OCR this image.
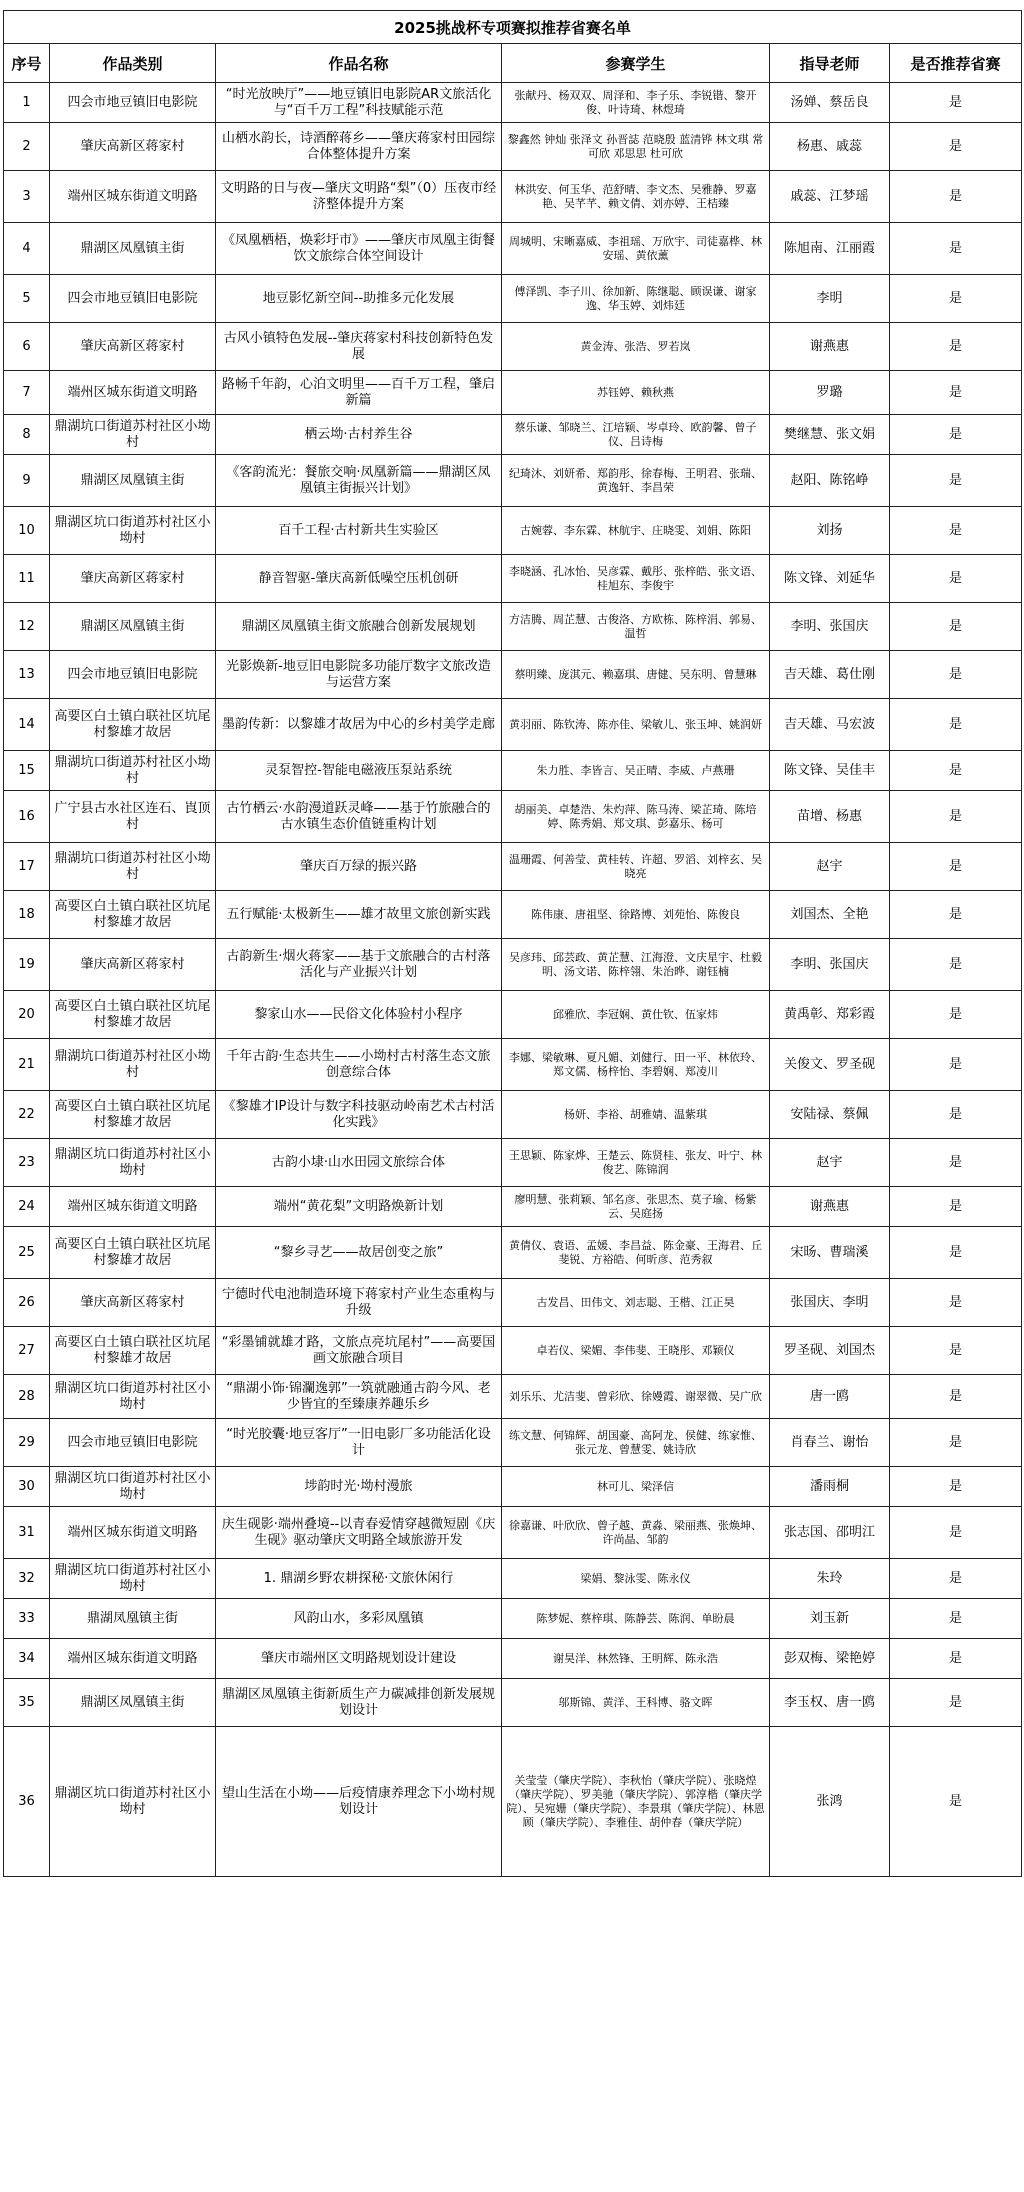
2025挑战杯专项赛拟推荐省赛名单					
序号	作品类别	作品名称	参赛学生	指导老师	是否推荐省赛
1	四会市地豆镇旧电影院	“时光放映厅”——地豆镇旧电影院AR文旅活化与“百千万工程”科技赋能示范	张献丹、杨双双、周泽和、李子乐、李锐锴、黎开俊、叶诗琦、林煜琦	汤婵、蔡岳良	是
2	肇庆高新区蒋家村	山栖水韵长，诗酒醉蒋乡——肇庆蒋家村田园综合体整体提升方案	黎鑫然 钟灿 张泽文 孙晋誌 范晓殷 蓝清铧 林文琪 常可欣 邓思思 杜可欣	杨惠、戚蕊	是
3	端州区城东街道文明路	文明路的日与夜—肇庆文明路“梨”（0）压夜市经济整体提升方案	林洪安、何玉华、范舒晴、李文杰、吴雅静、罗嘉艳、吴芊芊、赖文倩、刘亦婷、王桔臻	戚蕊、江梦瑶	是
4	鼎湖区凤凰镇主街	《凤凰栖梧，焕彩圩市》——肇庆市凤凰主街餐饮文旅综合体空间设计	周城明、宋晰嘉威、李祖瑶、万欣宇、司徒嘉桦、林安瑶、黄依薰	陈旭南、江丽霞	是
5	四会市地豆镇旧电影院	地豆影忆新空间--助推多元化发展	傅泽凯、李子川、徐加新、陈继聪、顾误谦、谢家逸、华玉婷、刘炜廷	李明	是
6	肇庆高新区蒋家村	古风小镇特色发展--肇庆蒋家村科技创新特色发展	黄金涛、张浩、罗若岚	谢燕惠	是
7	端州区城东街道文明路	路畅千年韵，心泊文明里——百千万工程，肇启新篇	苏钰婷、赖秋燕	罗璐	是
8	鼎湖坑口街道苏村社区小坳村	栖云坳·古村养生谷	蔡乐谦、邹晓兰、江培颖、岑卓玲、欧韵馨、曾子仪、吕诗梅	樊继慧、张文娟	是
9	鼎湖区凤凰镇主街	《客韵流光：餐旅交响·凤凰新篇——鼎湖区凤凰镇主街振兴计划》	纪琦沐、刘妍希、郑韵彤、徐春梅、王明君、张瑞、黄逸轩、李昌荣	赵阳、陈铭峥	是
10	鼎湖区坑口街道苏村社区小坳村	百千工程·古村新共生实验区	古婉蓉、李东霖、林航宇、庄晓雯、刘娟、陈阳	刘扬	是
11	肇庆高新区蒋家村	静音智驱-肇庆高新低噪空压机创研	李晓涵、孔冰怡、吴彦霖、戴彤、张梓皓、张文语、桂旭东、李俊宇	陈文锋、刘延华	是
12	鼎湖区凤凰镇主街	鼎湖区凤凰镇主街文旅融合创新发展规划	方洁腾、周芷慧、古俊洛、方欧栋、陈梓涓、郭易、温哲	李明、张国庆	是
13	四会市地豆镇旧电影院	光影焕新-地豆旧电影院多功能厅数字文旅改造与运营方案	蔡明臻、庞淇元、赖嘉琪、唐健、吴东明、曾慧琳	吉天雄、葛仕刚	是
14	高要区白土镇白联社区坑尾村黎雄才故居	墨韵传新：以黎雄才故居为中心的乡村美学走廊	黄羽丽、陈钦涛、陈亦佳、梁敏儿、张玉坤、姚润妍	吉天雄、马宏波	是
15	鼎湖坑口街道苏村社区小坳村	灵泵智控-智能电磁液压泵站系统	朱力胜、李皆言、吴正晴、李威、卢燕珊	陈文锋、吴佳丰	是
16	广宁县古水社区连石、崀顶村	古竹栖云·水韵漫道跃灵峰——基于竹旅融合的古水镇生态价值链重构计划	胡丽美、卓楚浩、朱灼萍、陈马涛、梁芷琦、陈培婷、陈秀娟、郑文琪、彭嘉乐、杨可	苗增、杨惠	是
17	鼎湖坑口街道苏村社区小坳村	肇庆百万绿的振兴路	温珊霞、何善莹、黄桂转、许超、罗滔、刘梓玄、吴晓亮	赵宇	是
18	高要区白土镇白联社区坑尾村黎雄才故居	五行赋能·太极新生——雄才故里文旅创新实践	陈伟康、唐祖坚、徐路博、刘苑怡、陈俊良	刘国杰、全艳	是
19	肇庆高新区蒋家村	古韵新生·烟火蒋家——基于文旅融合的古村落活化与产业振兴计划	吴彦玮、邱芸政、黄芷慧、江海澄、文庆星宇、杜毅明、汤文诺、陈梓翎、朱治晔、谢钰楠	李明、张国庆	是
20	高要区白土镇白联社区坑尾村黎雄才故居	黎家山水——民俗文化体验村小程序	邱雅欣、李冠娴、黄仕钦、伍家炜	黄禹彰、郑彩霞	是
21	鼎湖坑口街道苏村社区小坳村	千年古韵·生态共生——小坳村古村落生态文旅创意综合体	李娜、梁敏琳、夏凡媚、刘健行、田一平、林依玲、郑文儒、杨梓怡、李碧娴、郑凌川	关俊文、罗圣砚	是
22	高要区白土镇白联社区坑尾村黎雄才故居	《黎雄才IP设计与数字科技驱动岭南艺术古村活化实践》	杨妍、李裕、胡雅婧、温紫琪	安陆禄、蔡佩	是
23	鼎湖区坑口街道苏村社区小坳村	古韵小埭·山水田园文旅综合体	王思颖、陈家烨、王楚云、陈贤桂、张友、叶宁、林俊艺、陈锦润	赵宇	是
24	端州区城东街道文明路	端州“黄花梨”文明路焕新计划	廖明慧、张莉颖、邹名彦、张思杰、莫子瑜、杨紫云、吴庭扬	谢燕惠	是
25	高要区白土镇白联社区坑尾村黎雄才故居	“黎乡寻艺——故居创变之旅”	黄倩仪、袁语、孟媛、李昌益、陈金豪、王海君、丘斐锐、方裕皓、何昕彦、范秀叙	宋旸、曹瑞溪	是
26	肇庆高新区蒋家村	宁德时代电池制造环境下蒋家村产业生态重构与升级	古发昌、田伟文、刘志聪、王楷、江正昊	张国庆、李明	是
27	高要区白土镇白联社区坑尾村黎雄才故居	“彩墨铺就雄才路，文旅点亮坑尾村”——高要国画文旅融合项目	卓若仪、梁媚、李伟斐、王晓彤、邓颖仪	罗圣砚、刘国杰	是
28	鼎湖区坑口街道苏村社区小坳村	“鼎湖小饰·锦瀾逸郭”一筑就融通古韵今风、老少皆宜的至臻康养趣乐乡	刘乐乐、尤洁斐、曾彩欣、徐嫚霞、谢翠微、吴广欣	唐一鸥	是
29	四会市地豆镇旧电影院	“时光胶囊·地豆客厅”一旧电影厂多功能活化设计	练文慧、何锦辉、胡国豪、高阿龙、侯健、练家惟、张元龙、曾慧雯、姚诗欣	肖春兰、谢怡	是
30	鼎湖区坑口街道苏村社区小坳村	埗韵时光·坳村漫旅	林可儿、梁泽信	潘雨桐	是
31	端州区城东街道文明路	庆生砚影·端州叠境--以青春爱情穿越微短剧《庆生砚》驱动肇庆文明路全域旅游开发	徐嘉谦、叶欣欣、曾子越、黄淼、梁丽燕、张焕坤、许尚晶、邹韵	张志国、邵明江	是
32	鼎湖区坑口街道苏村社区小坳村	1. 鼎湖乡野农耕探秘·文旅休闲行	梁娟、黎泳雯、陈永仪	朱玲	是
33	鼎湖凤凰镇主街	风韵山水，多彩凤凰镇	陈梦妮、蔡梓琪、陈静芸、陈润、单盼晨	刘玉新	是
34	端州区城东街道文明路	肇庆市端州区文明路规划设计建设	谢昊洋、林然锋、王明辉、陈永浩	彭双梅、梁艳婷	是
35	鼎湖区凤凰镇主街	鼎湖区凤凰镇主街新质生产力碳减排创新发展规划设计	邬斯锦、黄洋、王科博、骆文晖	李玉权、唐一鸥	是
36	鼎湖区坑口街道苏村社区小坳村	望山生活在小坳——后疫情康养理念下小坳村规划设计	关莹莹（肇庆学院）、李秋怡（肇庆学院）、张晓煌（肇庆学院）、罗美驰（肇庆学院）、郭淳楷（肇庆学院）、吴宛姗（肇庆学院）、李景琪（肇庆学院）、林恩顾（肇庆学院）、李雅佳、胡仲春（肇庆学院）	张鸿	是
